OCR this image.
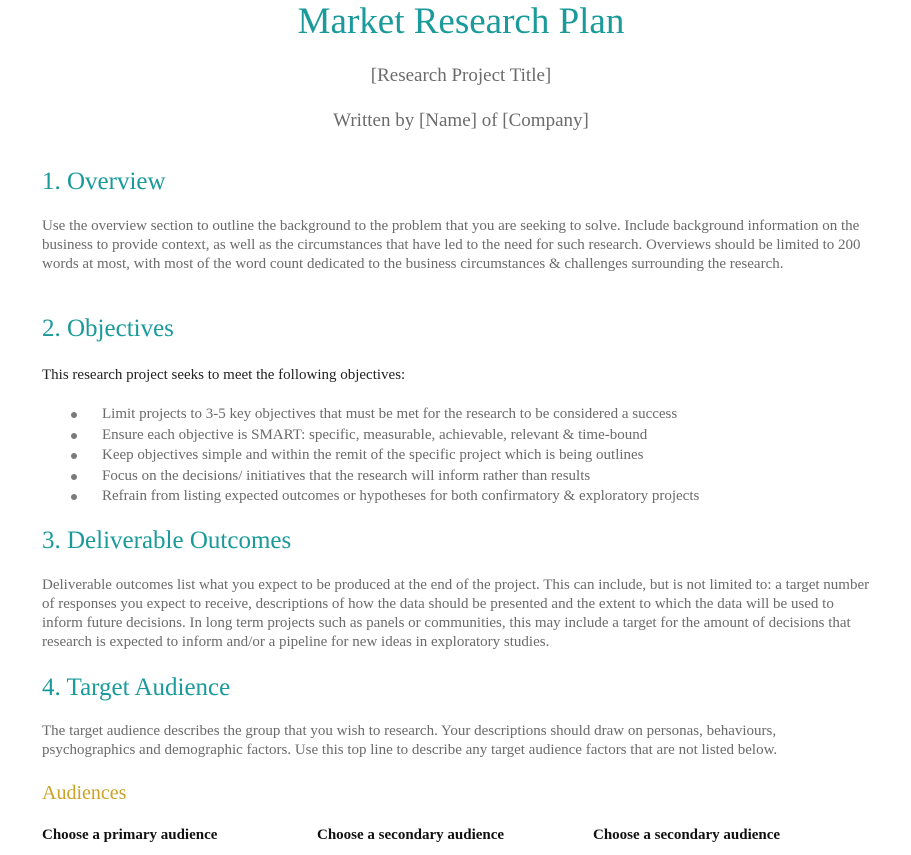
Market Research Plan

[Research Project Title]

Written by [Name] of [Company]

1. Overview

Use the overview section to outline the background to the problem that you are seeking to solve. Include background information on the business to provide context, as well as the circumstances that have led to the need for such research. Overviews should be limited to 200 words at most, with most of the word count dedicated to the business circumstances & challenges surrounding the research.

2. Objectives

This research project seeks to meet the following objectives:

Limit projects to 3-5 key objectives that must be met for the research to be considered a success
Ensure each objective is SMART: specific, measurable, achievable, relevant & time-bound
Keep objectives simple and within the remit of the specific project which is being outlines
Focus on the decisions/ initiatives that the research will inform rather than results
Refrain from listing expected outcomes or hypotheses for both confirmatory & exploratory projects
3. Deliverable Outcomes

Deliverable outcomes list what you expect to be produced at the end of the project. This can include, but is not limited to: a target number of responses you expect to receive, descriptions of how the data should be presented and the extent to which the data will be used to inform future decisions. In long term projects such as panels or communities, this may include a target for the amount of decisions that research is expected to inform and/or a pipeline for new ideas in exploratory studies.

4. Target Audience

The target audience describes the group that you wish to research. Your descriptions should draw on personas, behaviours, psychographics and demographic factors. Use this top line to describe any target audience factors that are not listed below.

Audiences
Choose a primary audience	Choose a secondary audience	Choose a secondary audience
